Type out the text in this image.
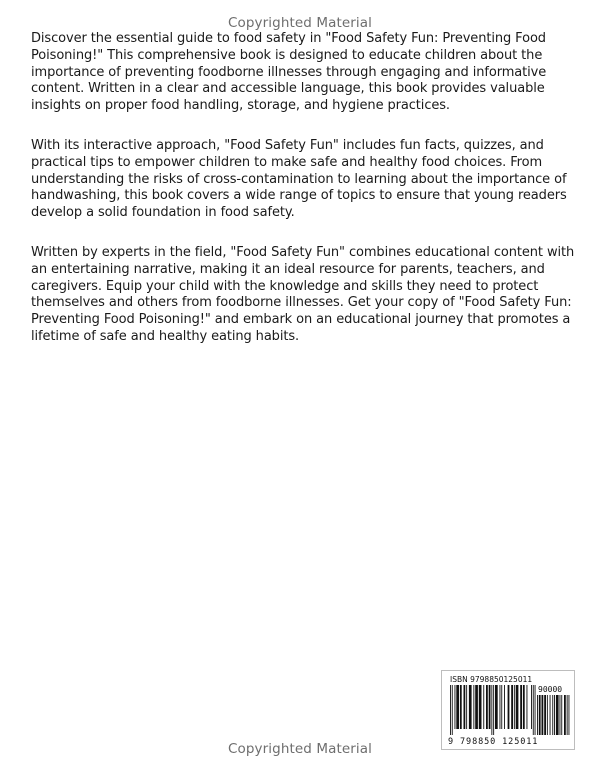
Copyrighted Material

Discover the essential guide to food safety in "Food Safety Fun: Preventing Food Poisoning!" This comprehensive book is designed to educate children about the importance of preventing foodborne illnesses through engaging and informative content. Written in a clear and accessible language, this book provides valuable insights on proper food handling, storage, and hygiene practices.

With its interactive approach, "Food Safety Fun" includes fun facts, quizzes, and practical tips to empower children to make safe and healthy food choices. From understanding the risks of cross-contamination to learning about the importance of handwashing, this book covers a wide range of topics to ensure that young readers develop a solid foundation in food safety.

Written by experts in the field, "Food Safety Fun" combines educational content with an entertaining narrative, making it an ideal resource for parents, teachers, and caregivers. Equip your child with the knowledge and skills they need to protect themselves and others from foodborne illnesses. Get your copy of "Food Safety Fun: Preventing Food Poisoning!" and embark on an educational journey that promotes a lifetime of safe and healthy eating habits.

ISBN 9798850125011
90000
9 798850 125011
Copyrighted Material
